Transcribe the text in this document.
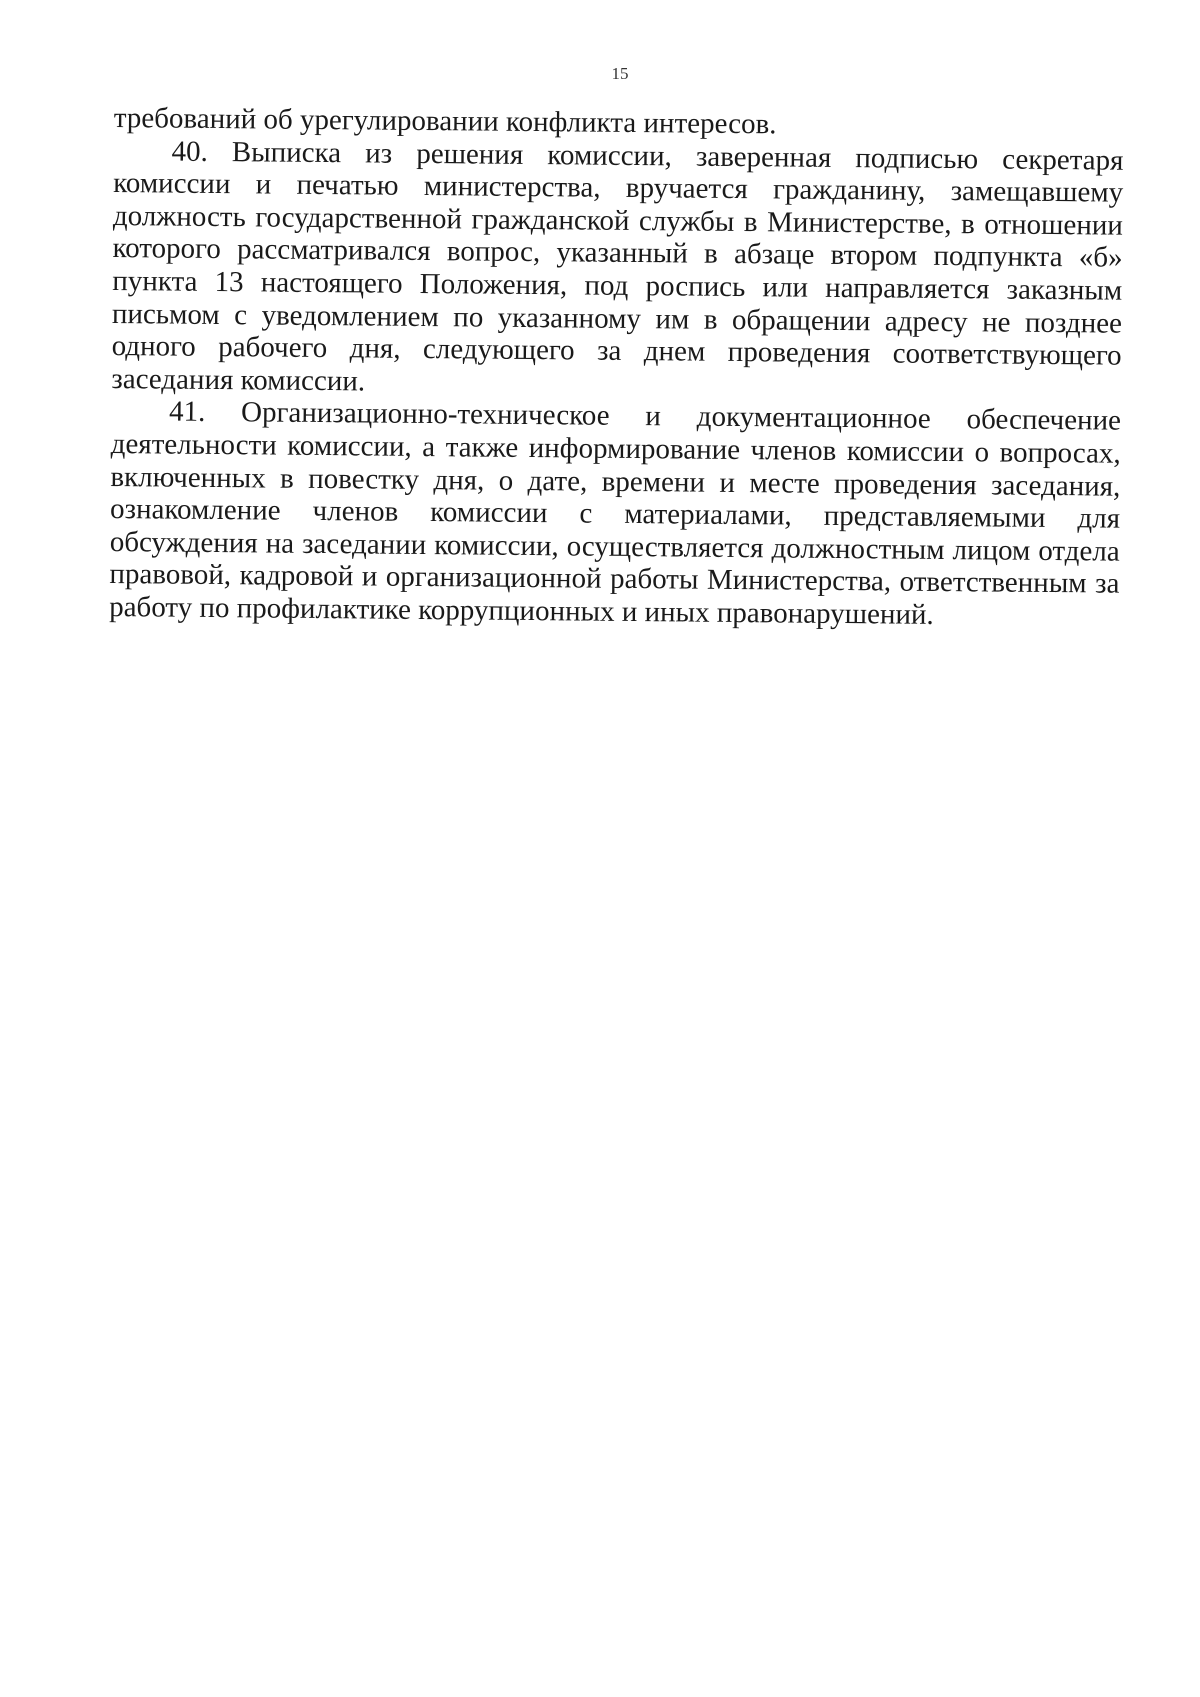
15

требований об урегулировании конфликта интересов.

40. Выписка из решения комиссии, заверенная подписью секретаря комиссии и печатью министерства, вручается гражданину, замещавшему должность государственной гражданской службы в Министерстве, в отношении которого рассматривался вопрос, указанный в абзаце втором подпункта «б» пункта 13 настоящего Положения, под роспись или направляется заказным письмом с уведомлением по указанному им в обращении адресу не позднее одного рабочего дня, следующего за днем проведения соответствующего заседания комиссии.

41. Организационно-техническое и документационное обеспечение деятельности комиссии, а также информирование членов комиссии о вопросах, включенных в повестку дня, о дате, времени и месте проведения заседания, ознакомление членов комиссии с материалами, представляемыми для обсуждения на заседании комиссии, осуществляется должностным лицом отдела правовой, кадровой и организационной работы Министерства, ответственным за работу по профилактике коррупционных и иных правонарушений.
